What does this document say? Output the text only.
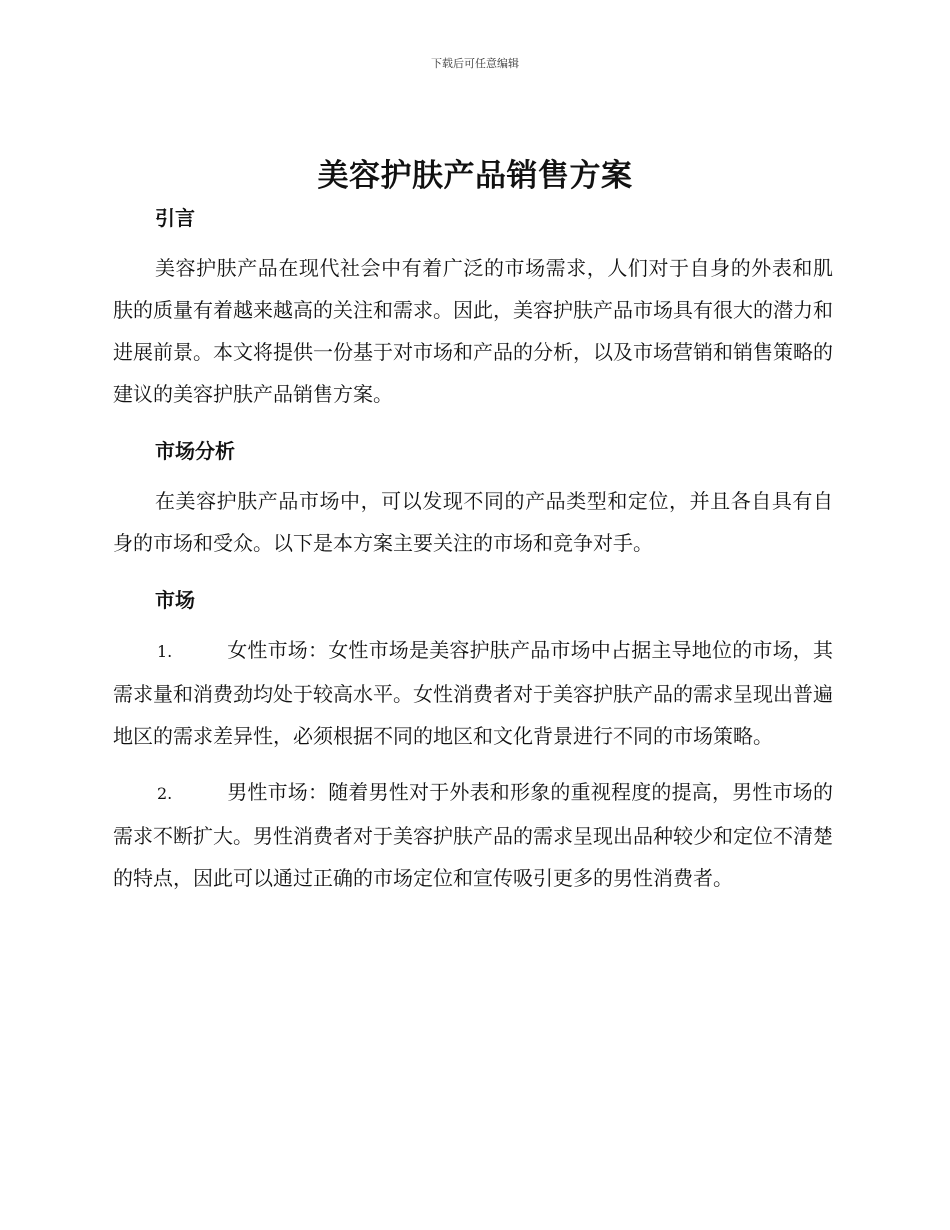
下载后可任意编辑
美容护肤产品销售方案
引言

美容护肤产品在现代社会中有着广泛的市场需求，人们对于自身的外表和肌肤的质量有着越来越高的关注和需求。因此，美容护肤产品市场具有很大的潜力和进展前景。本文将提供一份基于对市场和产品的分析，以及市场营销和销售策略的建议的美容护肤产品销售方案。

市场分析

在美容护肤产品市场中，可以发现不同的产品类型和定位，并且各自具有自身的市场和受众。以下是本方案主要关注的市场和竞争对手。

市场

1.	女性市场：女性市场是美容护肤产品市场中占据主导地位的市场，其需求量和消费劲均处于较高水平。女性消费者对于美容护肤产品的需求呈现出普遍地区的需求差异性，必须根据不同的地区和文化背景进行不同的市场策略。

2.	男性市场：随着男性对于外表和形象的重视程度的提高，男性市场的需求不断扩大。男性消费者对于美容护肤产品的需求呈现出品种较少和定位不清楚的特点，因此可以通过正确的市场定位和宣传吸引更多的男性消费者。
